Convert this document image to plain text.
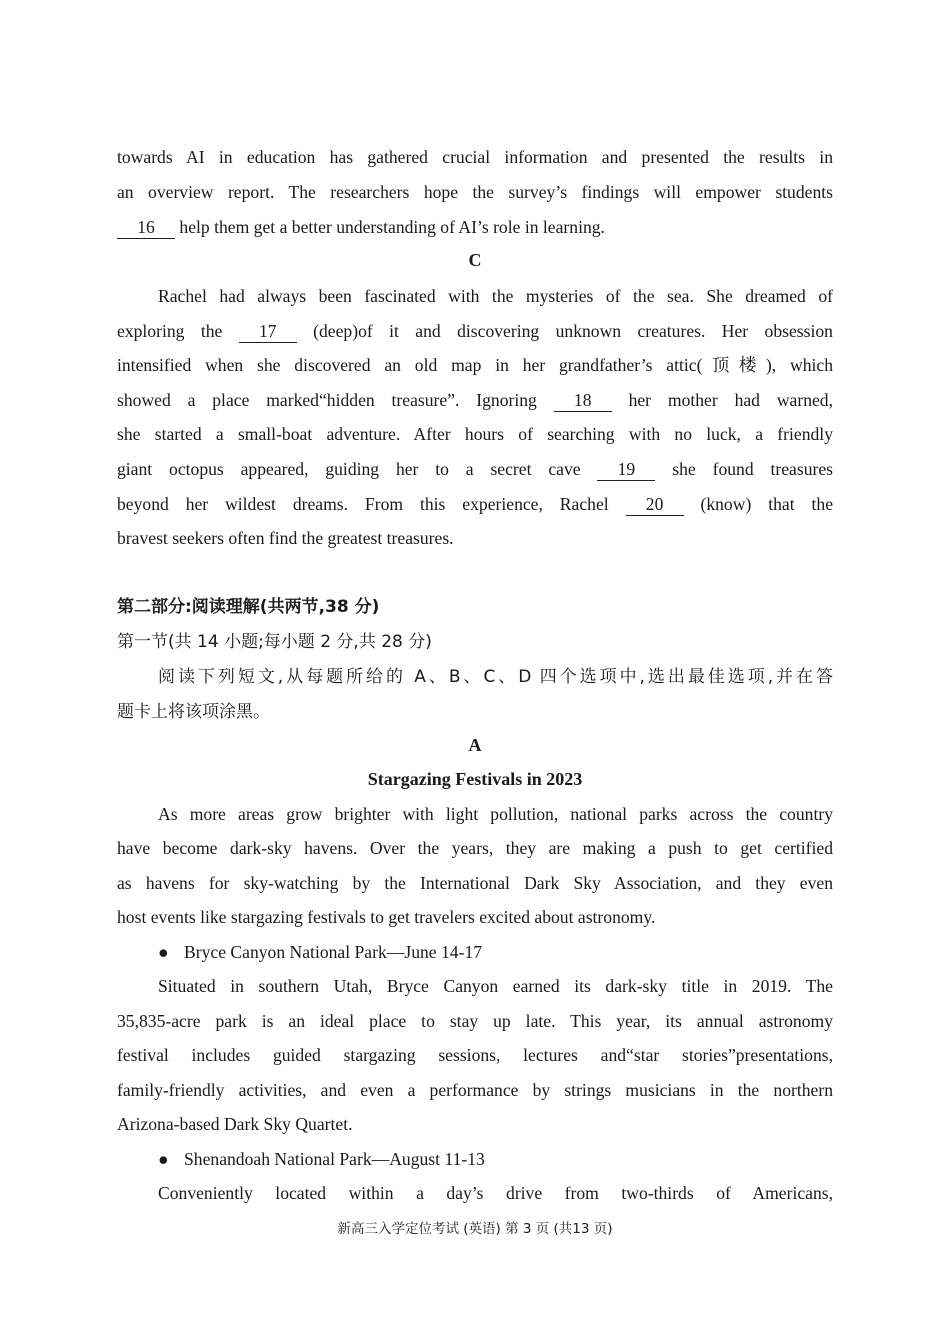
towards AI in education has gathered crucial information and presented the results in
an overview report. The researchers hope the survey’s findings will empower students
16 help them get a better understanding of AI’s role in learning.
C
Rachel had always been fascinated with the mysteries of the sea. She dreamed of
exploring the 17 (deep)of it and discovering unknown creatures. Her obsession
intensified when she discovered an old map in her grandfather’s attic(顶楼), which
showed a place marked“hidden treasure”. Ignoring 18 her mother had warned,
she started a small-boat adventure. After hours of searching with no luck, a friendly
giant octopus appeared, guiding her to a secret cave 19 she found treasures
beyond her wildest dreams. From this experience, Rachel 20 (know) that the
bravest seekers often find the greatest treasures.
第二部分:阅读理解(共两节,38 分)
第一节(共 14 小题;每小题 2 分,共 28 分)
阅读下列短文,从每题所给的 A、B、C、D 四个选项中,选出最佳选项,并在答
题卡上将该项涂黑。
A
Stargazing Festivals in 2023
As more areas grow brighter with light pollution, national parks across the country
have become dark-sky havens. Over the years, they are making a push to get certified
as havens for sky-watching by the International Dark Sky Association, and they even
host events like stargazing festivals to get travelers excited about astronomy.
● Bryce Canyon National Park—June 14-17
Situated in southern Utah, Bryce Canyon earned its dark-sky title in 2019. The
35,835-acre park is an ideal place to stay up late. This year, its annual astronomy
festival includes guided stargazing sessions, lectures and“star stories”presentations,
family-friendly activities, and even a performance by strings musicians in the northern
Arizona-based Dark Sky Quartet.
● Shenandoah National Park—August 11-13
Conveniently located within a day’s drive from two-thirds of Americans,
新高三入学定位考试 (英语) 第 3 页 (共13 页)
